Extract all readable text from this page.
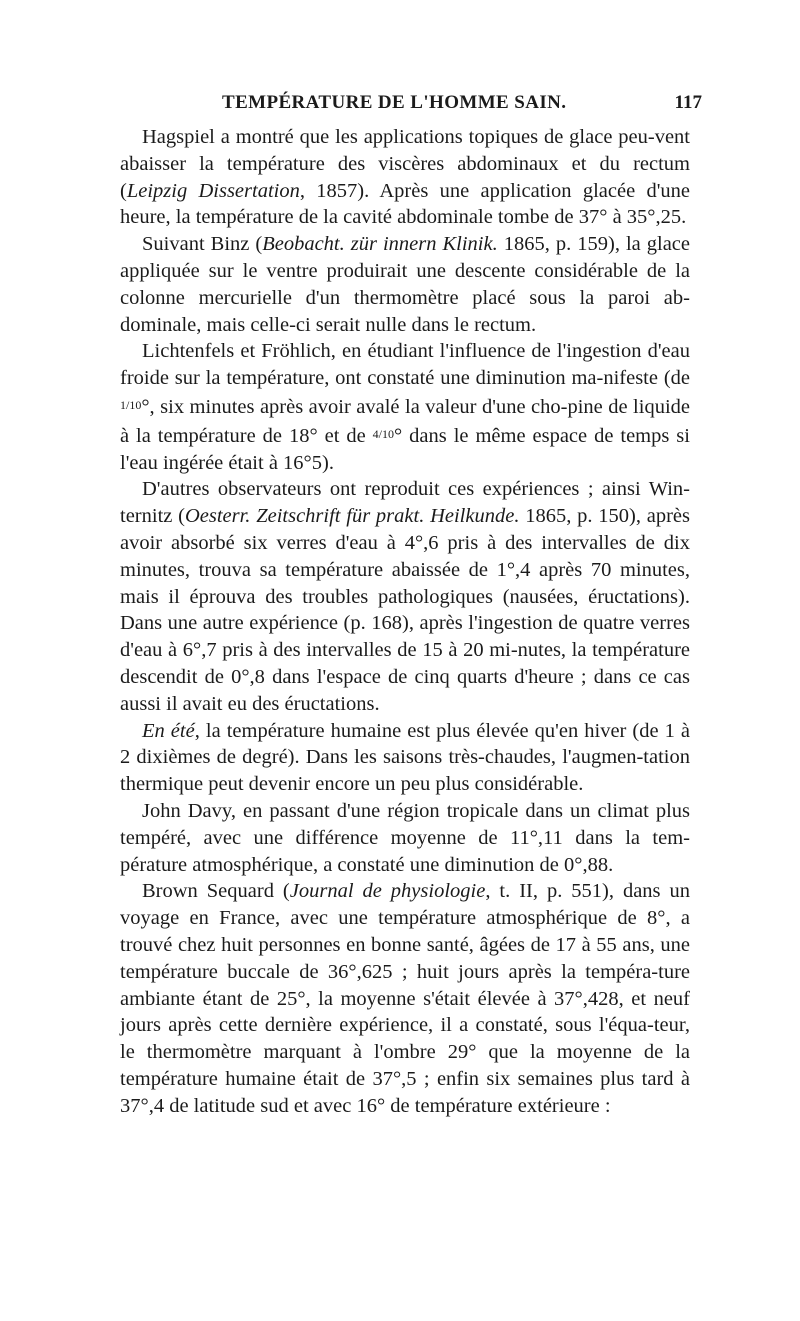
TEMPÉRATURE DE L'HOMME SAIN.	117

Hagspiel a montré que les applications topiques de glace peu-vent abaisser la température des viscères abdominaux et du rectum (Leipzig Dissertation, 1857). Après une application glacée d'une heure, la température de la cavité abdominale tombe de 37° à 35°,25.

Suivant Binz (Beobacht. zür innern Klinik. 1865, p. 159), la glace appliquée sur le ventre produirait une descente considérable de la colonne mercurielle d'un thermomètre placé sous la paroi ab-dominale, mais celle-ci serait nulle dans le rectum.

Lichtenfels et Fröhlich, en étudiant l'influence de l'ingestion d'eau froide sur la température, ont constaté une diminution ma-nifeste (de 1/10°, six minutes après avoir avalé la valeur d'une cho-pine de liquide à la température de 18° et de 4/10° dans le même espace de temps si l'eau ingérée était à 16°5).

D'autres observateurs ont reproduit ces expériences ; ainsi Win-ternitz (Oesterr. Zeitschrift für prakt. Heilkunde. 1865, p. 150), après avoir absorbé six verres d'eau à 4°,6 pris à des intervalles de dix minutes, trouva sa température abaissée de 1°,4 après 70 minutes, mais il éprouva des troubles pathologiques (nausées, éructations). Dans une autre expérience (p. 168), après l'ingestion de quatre verres d'eau à 6°,7 pris à des intervalles de 15 à 20 mi-nutes, la température descendit de 0°,8 dans l'espace de cinq quarts d'heure ; dans ce cas aussi il avait eu des éructations.

En été, la température humaine est plus élevée qu'en hiver (de 1 à 2 dixièmes de degré). Dans les saisons très-chaudes, l'augmen-tation thermique peut devenir encore un peu plus considérable.

John Davy, en passant d'une région tropicale dans un climat plus tempéré, avec une différence moyenne de 11°,11 dans la tem-pérature atmosphérique, a constaté une diminution de 0°,88.

Brown Sequard (Journal de physiologie, t. II, p. 551), dans un voyage en France, avec une température atmosphérique de 8°, a trouvé chez huit personnes en bonne santé, âgées de 17 à 55 ans, une température buccale de 36°,625 ; huit jours après la tempéra-ture ambiante étant de 25°, la moyenne s'était élevée à 37°,428, et neuf jours après cette dernière expérience, il a constaté, sous l'équa-teur, le thermomètre marquant à l'ombre 29° que la moyenne de la température humaine était de 37°,5 ; enfin six semaines plus tard à 37°,4 de latitude sud et avec 16° de température extérieure :
